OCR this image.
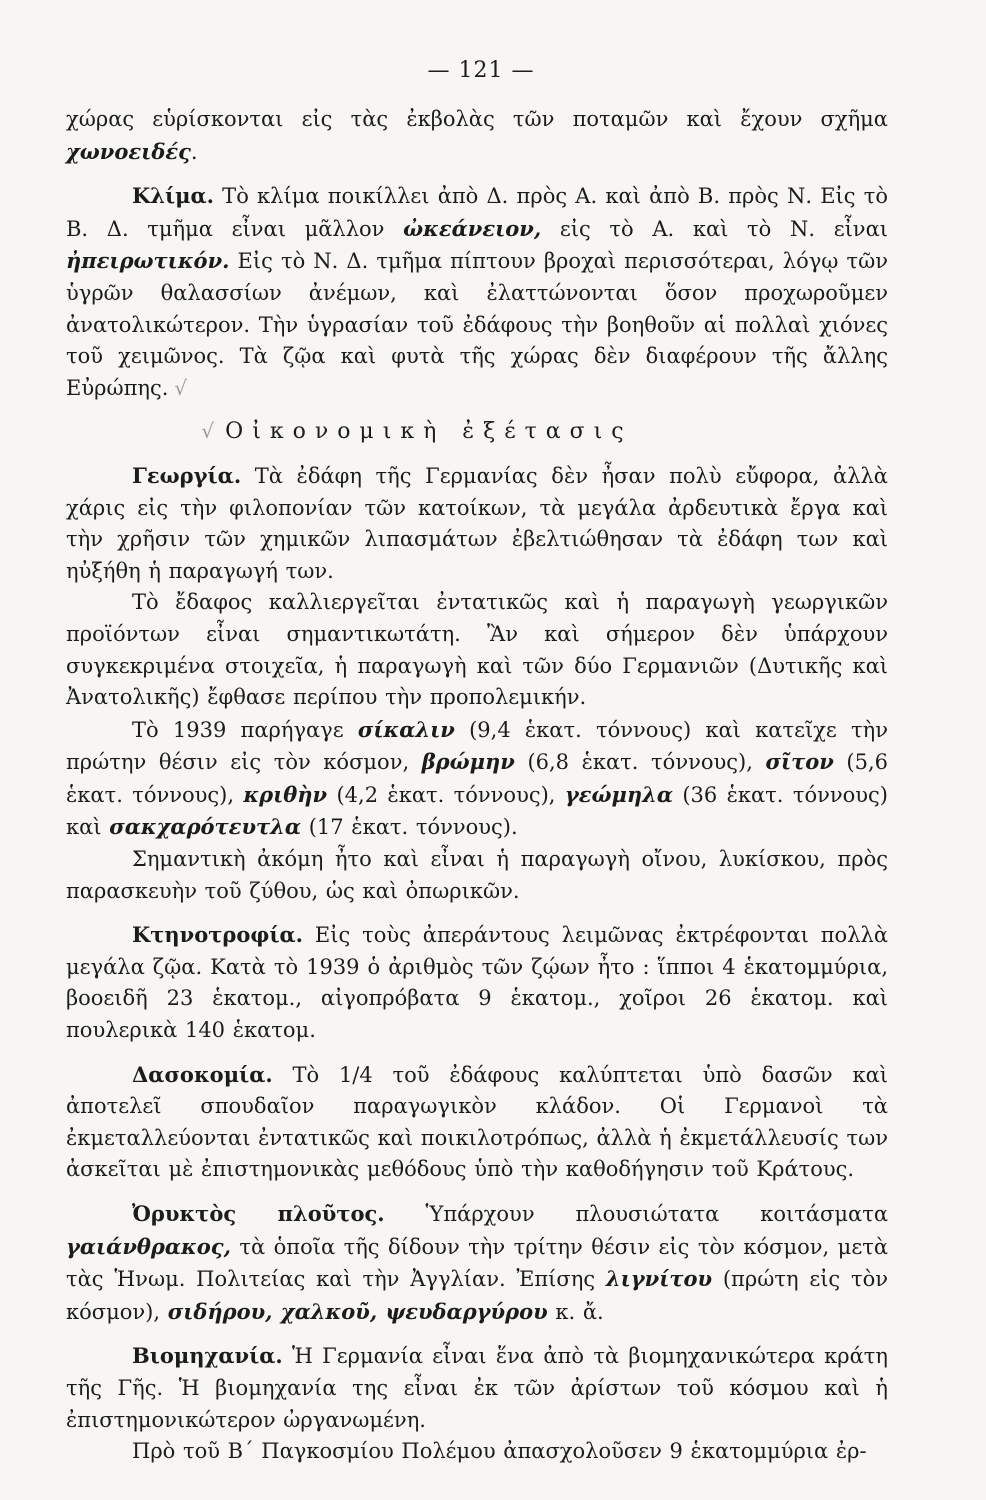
— 121 —

χώρας εὑρίσκονται εἰς τὰς ἐκβολὰς τῶν ποταμῶν καὶ ἔχουν σχῆμα χωνοειδές.

Κλίμα. Τὸ κλίμα ποικίλλει ἀπὸ Δ. πρὸς Α. καὶ ἀπὸ Β. πρὸς Ν. Εἰς τὸ Β. Δ. τμῆμα εἶναι μᾶλλον ὠκεάνειον, εἰς τὸ Α. καὶ τὸ Ν. εἶναι ἠπειρωτικόν. Εἰς τὸ Ν. Δ. τμῆμα πίπτουν βροχαὶ περισσότεραι, λόγῳ τῶν ὑγρῶν θαλασσίων ἀνέμων, καὶ ἐλαττώνονται ὅσον προχωροῦμεν ἀνατολικώτερον. Τὴν ὑγρασίαν τοῦ ἐδάφους τὴν βοηθοῦν αἱ πολλαὶ χιόνες τοῦ χειμῶνος. Τὰ ζῷα καὶ φυτὰ τῆς χώρας δὲν διαφέρουν τῆς ἄλλης Εὐρώπης. √

√Οἰκονομικὴ ἐξέτασις

Γεωργία. Τὰ ἐδάφη τῆς Γερμανίας δὲν ἦσαν πολὺ εὔφορα, ἀλλὰ χάρις εἰς τὴν φιλοπονίαν τῶν κατοίκων, τὰ μεγάλα ἀρδευτικὰ ἔργα καὶ τὴν χρῆσιν τῶν χημικῶν λιπασμάτων ἐβελτιώθησαν τὰ ἐδάφη των καὶ ηὐξήθη ἡ παραγωγή των.

Τὸ ἔδαφος καλλιεργεῖται ἐντατικῶς καὶ ἡ παραγωγὴ γεωργικῶν προϊόντων εἶναι σημαντικωτάτη. Ἂν καὶ σήμερον δὲν ὑπάρχουν συγκεκριμένα στοιχεῖα, ἡ παραγωγὴ καὶ τῶν δύο Γερμανιῶν (Δυτικῆς καὶ Ἀνατολικῆς) ἔφθασε περίπου τὴν προπολεμικήν.

Τὸ 1939 παρήγαγε σίκαλιν (9,4 ἑκατ. τόννους) καὶ κατεῖχε τὴν πρώτην θέσιν εἰς τὸν κόσμον, βρώμην (6,8 ἑκατ. τόννους), σῖτον (5,6 ἑκατ. τόννους), κριθὴν (4,2 ἑκατ. τόννους), γεώμηλα (36 ἑκατ. τόννους) καὶ σακχαρότευτλα (17 ἑκατ. τόννους).

Σημαντικὴ ἀκόμη ἦτο καὶ εἶναι ἡ παραγωγὴ οἴνου, λυκίσκου, πρὸς παρασκευὴν τοῦ ζύθου, ὡς καὶ ὀπωρικῶν.

Κτηνοτροφία. Εἰς τοὺς ἀπεράντους λειμῶνας ἐκτρέφονται πολλὰ μεγάλα ζῷα. Κατὰ τὸ 1939 ὁ ἀριθμὸς τῶν ζῴων ἦτο : ἵπποι 4 ἑκατομμύρια, βοοειδῆ 23 ἑκατομ., αἰγοπρόβατα 9 ἑκατομ., χοῖροι 26 ἑκατομ. καὶ πουλερικὰ 140 ἑκατομ.

Δασοκομία. Τὸ 1/4 τοῦ ἐδάφους καλύπτεται ὑπὸ δασῶν καὶ ἀποτελεῖ σπουδαῖον παραγωγικὸν κλάδον. Οἱ Γερμανοὶ τὰ ἐκμεταλλεύονται ἐντατικῶς καὶ ποικιλοτρόπως, ἀλλὰ ἡ ἐκμετάλλευσίς των ἀσκεῖται μὲ ἐπιστημονικὰς μεθόδους ὑπὸ τὴν καθοδήγησιν τοῦ Κράτους.

Ὀρυκτὸς πλοῦτος. Ὑπάρχουν πλουσιώτατα κοιτάσματα γαιάνθρακος, τὰ ὁποῖα τῆς δίδουν τὴν τρίτην θέσιν εἰς τὸν κόσμον, μετὰ τὰς Ἡνωμ. Πολιτείας καὶ τὴν Ἀγγλίαν. Ἐπίσης λιγνίτου (πρώτη εἰς τὸν κόσμον), σιδήρου, χαλκοῦ, ψευδαργύρου κ. ἄ.

Βιομηχανία. Ἡ Γερμανία εἶναι ἕνα ἀπὸ τὰ βιομηχανικώτερα κράτη τῆς Γῆς. Ἡ βιομηχανία της εἶναι ἐκ τῶν ἀρίστων τοῦ κόσμου καὶ ἡ ἐπιστημονικώτερον ὠργανωμένη.

Πρὸ τοῦ Β΄ Παγκοσμίου Πολέμου ἀπασχολοῦσεν 9 ἑκατομμύρια ἐρ-
